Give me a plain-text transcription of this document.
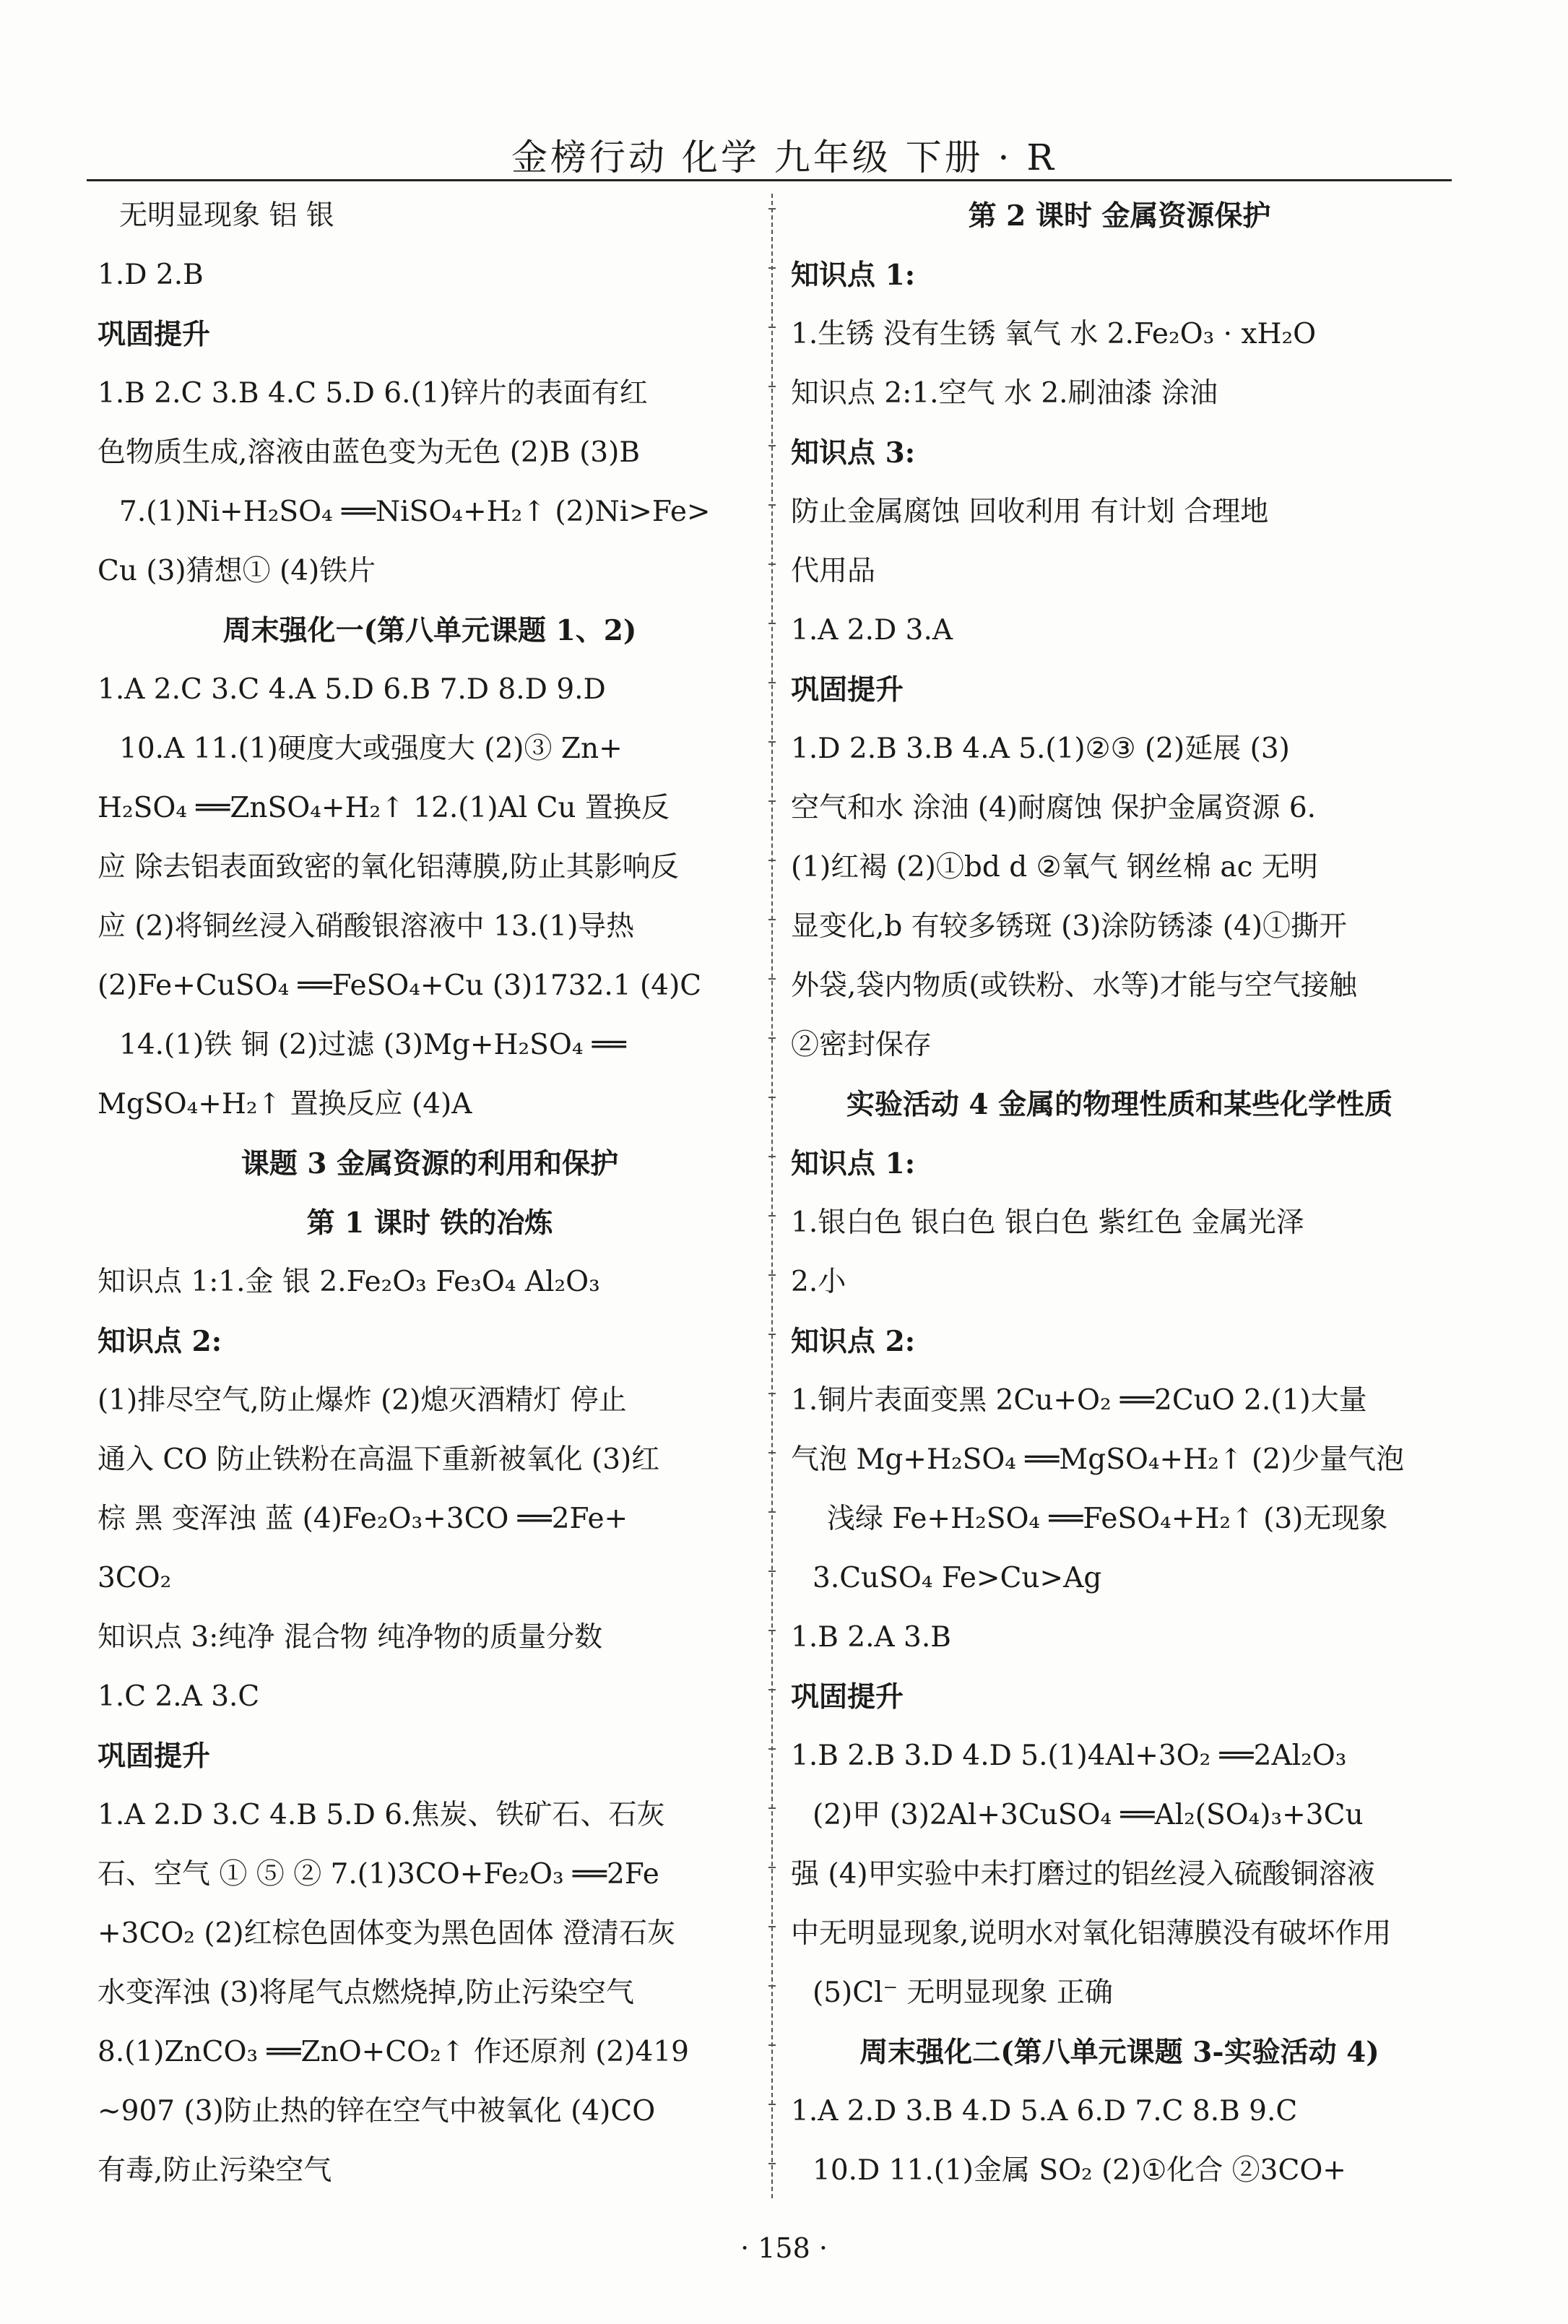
金榜行动 化学 九年级 下册 · R
无明显现象 铝 银
1.D 2.B
巩固提升
1.B 2.C 3.B 4.C 5.D 6.(1)锌片的表面有红
色物质生成,溶液由蓝色变为无色 (2)B (3)B
7.(1)Ni+H₂SO₄ ══NiSO₄+H₂↑ (2)Ni>Fe>
Cu (3)猜想① (4)铁片
周末强化一(第八单元课题 1、2)
1.A 2.C 3.C 4.A 5.D 6.B 7.D 8.D 9.D
10.A 11.(1)硬度大或强度大 (2)③ Zn+
H₂SO₄ ══ZnSO₄+H₂↑ 12.(1)Al Cu 置换反
应 除去铝表面致密的氧化铝薄膜,防止其影响反
应 (2)将铜丝浸入硝酸银溶液中 13.(1)导热
(2)Fe+CuSO₄ ══FeSO₄+Cu (3)1732.1 (4)C
14.(1)铁 铜 (2)过滤 (3)Mg+H₂SO₄ ══
MgSO₄+H₂↑ 置换反应 (4)A
课题 3 金属资源的利用和保护
第 1 课时 铁的冶炼
知识点 1:1.金 银 2.Fe₂O₃ Fe₃O₄ Al₂O₃
知识点 2:
(1)排尽空气,防止爆炸 (2)熄灭酒精灯 停止
通入 CO 防止铁粉在高温下重新被氧化 (3)红
棕 黑 变浑浊 蓝 (4)Fe₂O₃+3CO ══2Fe+
3CO₂
知识点 3:纯净 混合物 纯净物的质量分数
1.C 2.A 3.C
巩固提升
1.A 2.D 3.C 4.B 5.D 6.焦炭、铁矿石、石灰
石、空气 ① ⑤ ② 7.(1)3CO+Fe₂O₃ ══2Fe
+3CO₂ (2)红棕色固体变为黑色固体 澄清石灰
水变浑浊 (3)将尾气点燃烧掉,防止污染空气
8.(1)ZnCO₃ ══ZnO+CO₂↑ 作还原剂 (2)419
~907 (3)防止热的锌在空气中被氧化 (4)CO
有毒,防止污染空气
第 2 课时 金属资源保护
知识点 1:
1.生锈 没有生锈 氧气 水 2.Fe₂O₃ · xH₂O
知识点 2:1.空气 水 2.刷油漆 涂油
知识点 3:
防止金属腐蚀 回收利用 有计划 合理地
代用品
1.A 2.D 3.A
巩固提升
1.D 2.B 3.B 4.A 5.(1)②③ (2)延展 (3)
空气和水 涂油 (4)耐腐蚀 保护金属资源 6.
(1)红褐 (2)①bd d ②氧气 钢丝棉 ac 无明
显变化,b 有较多锈斑 (3)涂防锈漆 (4)①撕开
外袋,袋内物质(或铁粉、水等)才能与空气接触
②密封保存
实验活动 4 金属的物理性质和某些化学性质
知识点 1:
1.银白色 银白色 银白色 紫红色 金属光泽
2.小
知识点 2:
1.铜片表面变黑 2Cu+O₂ ══2CuO 2.(1)大量
气泡 Mg+H₂SO₄ ══MgSO₄+H₂↑ (2)少量气泡
浅绿 Fe+H₂SO₄ ══FeSO₄+H₂↑ (3)无现象
3.CuSO₄ Fe>Cu>Ag
1.B 2.A 3.B
巩固提升
1.B 2.B 3.D 4.D 5.(1)4Al+3O₂ ══2Al₂O₃
(2)甲 (3)2Al+3CuSO₄ ══Al₂(SO₄)₃+3Cu
强 (4)甲实验中未打磨过的铝丝浸入硫酸铜溶液
中无明显现象,说明水对氧化铝薄膜没有破坏作用
(5)Cl⁻ 无明显现象 正确
周末强化二(第八单元课题 3-实验活动 4)
1.A 2.D 3.B 4.D 5.A 6.D 7.C 8.B 9.C
10.D 11.(1)金属 SO₂ (2)①化合 ②3CO+
· 158 ·
